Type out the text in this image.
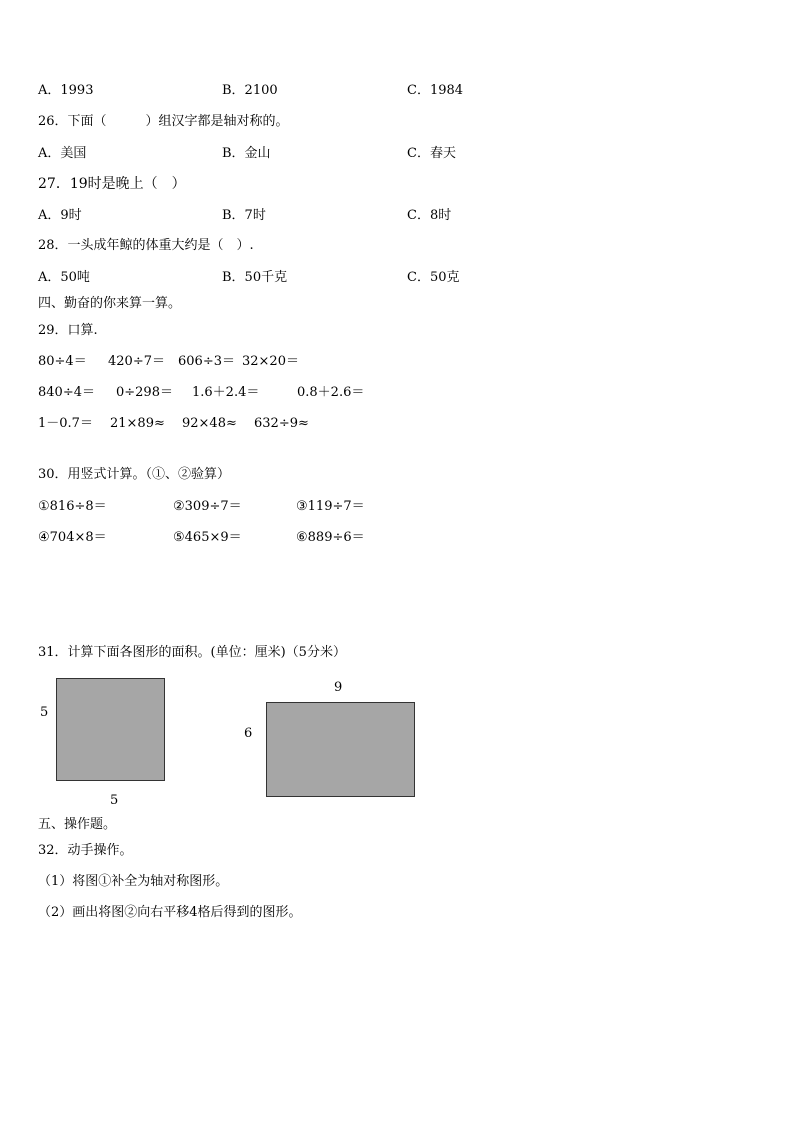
A．1993	B．2100	C．1984
26．下面（　　　）组汉字都是轴对称的。
A．美国	B．金山	C．春天
27．19时是晚上（　）
A．9时	B．7时	C．8时
28．一头成年鲸的体重大约是（　）.
A．50吨	B．50千克	C．50克
四、勤奋的你来算一算。
29．口算.
80÷4＝ 420÷7＝ 606÷3＝ 32×20＝
840÷4＝ 0÷298＝ 1.6＋2.4＝	0.8＋2.6＝
1－0.7＝ 21×89≈ 92×48≈ 632÷9≈
30．用竖式计算。（①、②验算）
①816÷8＝	②309÷7＝	③119÷7＝
④704×8＝	⑤465×9＝	⑥889÷6＝
31．计算下面各图形的面积。(单位：厘米)（5分米）
5
5
9
6
五、操作题。
32．动手操作。
（1）将图①补全为轴对称图形。
（2）画出将图②向右平移4格后得到的图形。
